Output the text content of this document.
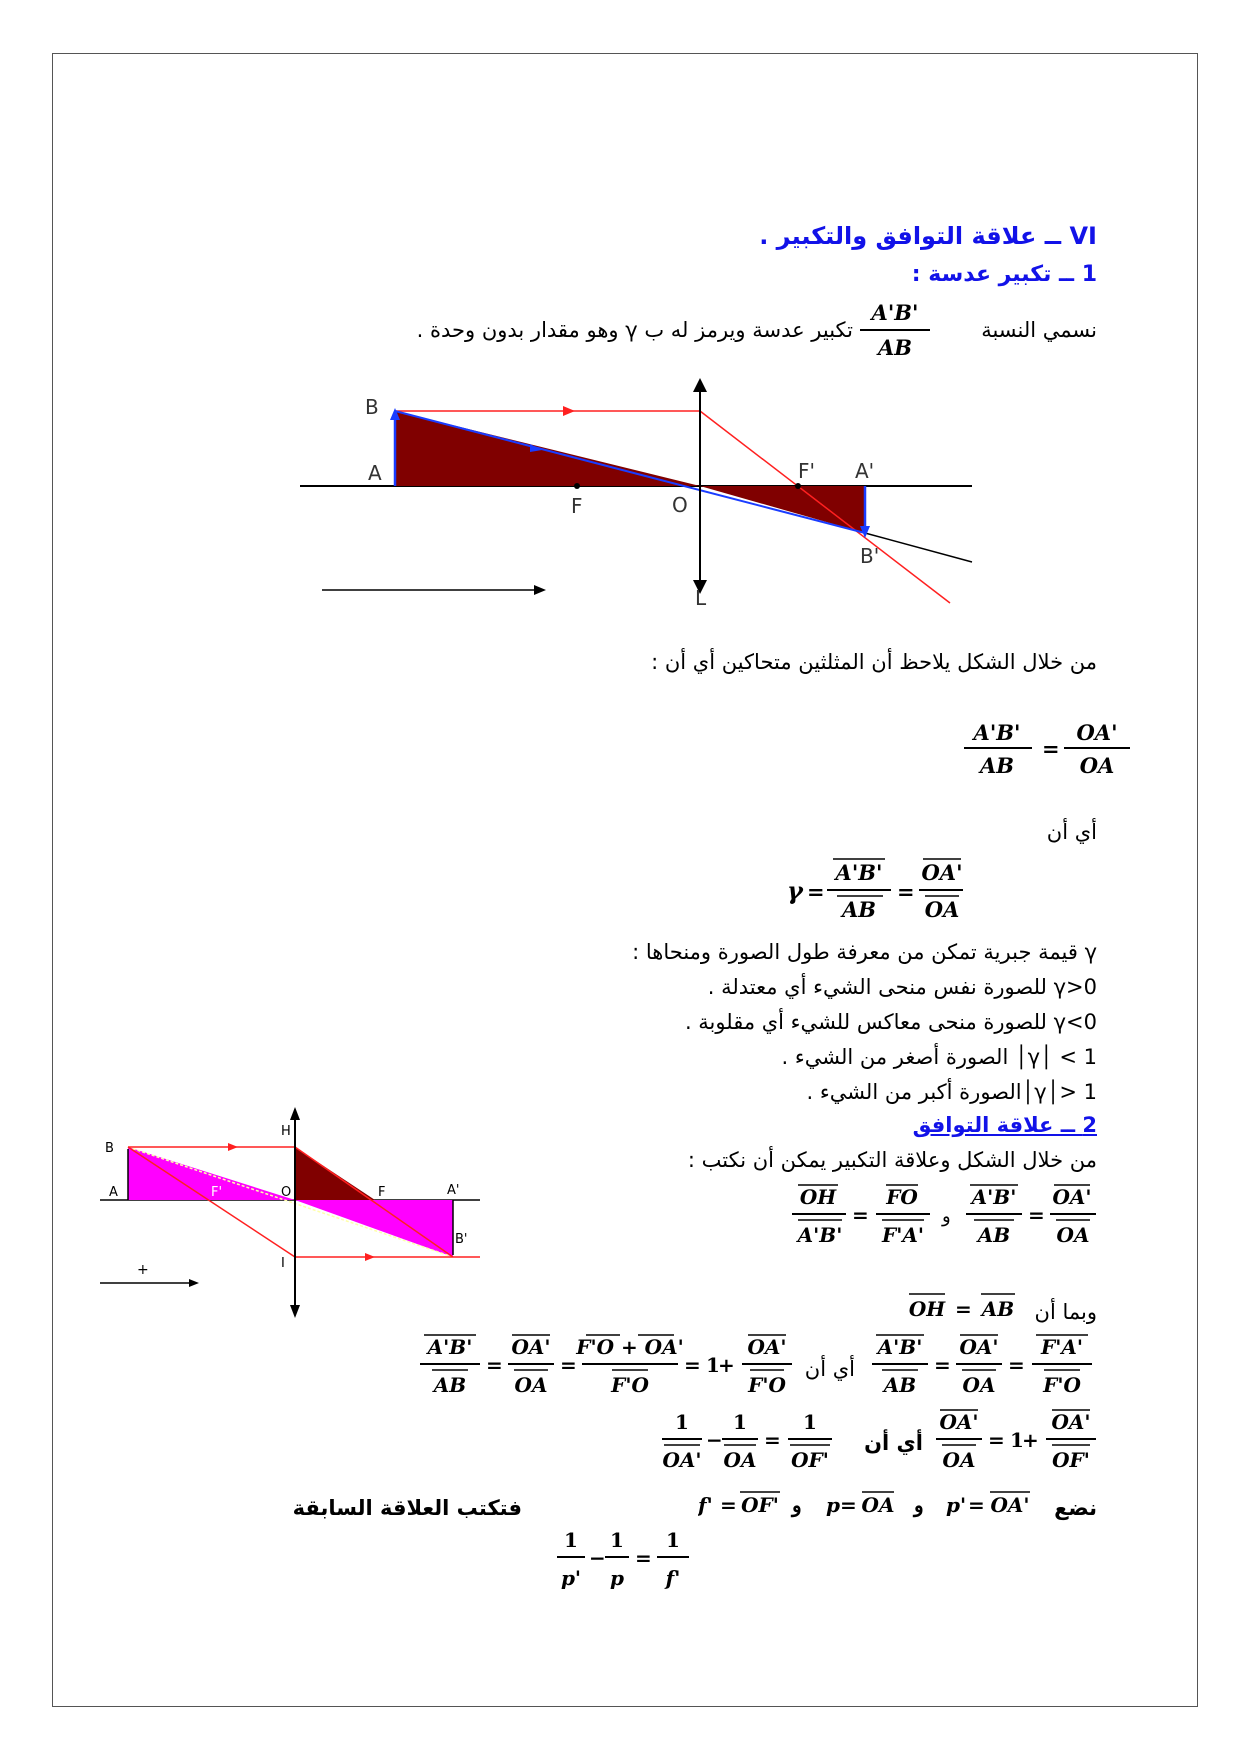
VI ــ علاقة التوافق والتكبير .
1 ــ تكبير عدسة :
نسمي النسبة
A'B'
AB
تكبير عدسة ويرمز له ب γ وهو مقدار بدون وحدة .
B
A
F	O
F' A'
B'
L
من خلال الشكل يلاحظ أن المثلثين متحاكين أي أن :
A'B'
AB
=
OA'
OA
أي أن
γ =
A'B'
AB
=
OA'
OA
γ قيمة جبرية تمكن من معرفة طول الصورة ومنحاها :
γ>0 للصورة نفس منحى الشيء أي معتدلة .
γ<0 للصورة منحى معاكس للشيء أي مقلوبة .
1 > │γ│ الصورة أصغر من الشيء .
1 <│γ│الصورة أكبر من الشيء .
2 ــ علاقة التوافق
من خلال الشكل وعلاقة التكبير يمكن أن نكتب :
B
A	F'	O	F	A'
B'
H
I
+
OH
A'B'
=
FO
F'A'
و
A'B'
AB
=
OA'
OA
وبما أن
OH = AB
A'B'
AB
=
OA'
OA
=
F'O + OA'
F'O
= 1
+
OA'
F'O
أي أن
A'B'
AB
=
OA'
OA
=
F'A'
F'O
1
OA'
−
1
OA
=
1
OF'
أي أن
OA'
OA
= 1
+
OA'
OF'
نضع
فتكتب العلاقة السابقة	f' = OF' و p = OA و p' = OA'
1
p'
−
1
p
=
1
f'
